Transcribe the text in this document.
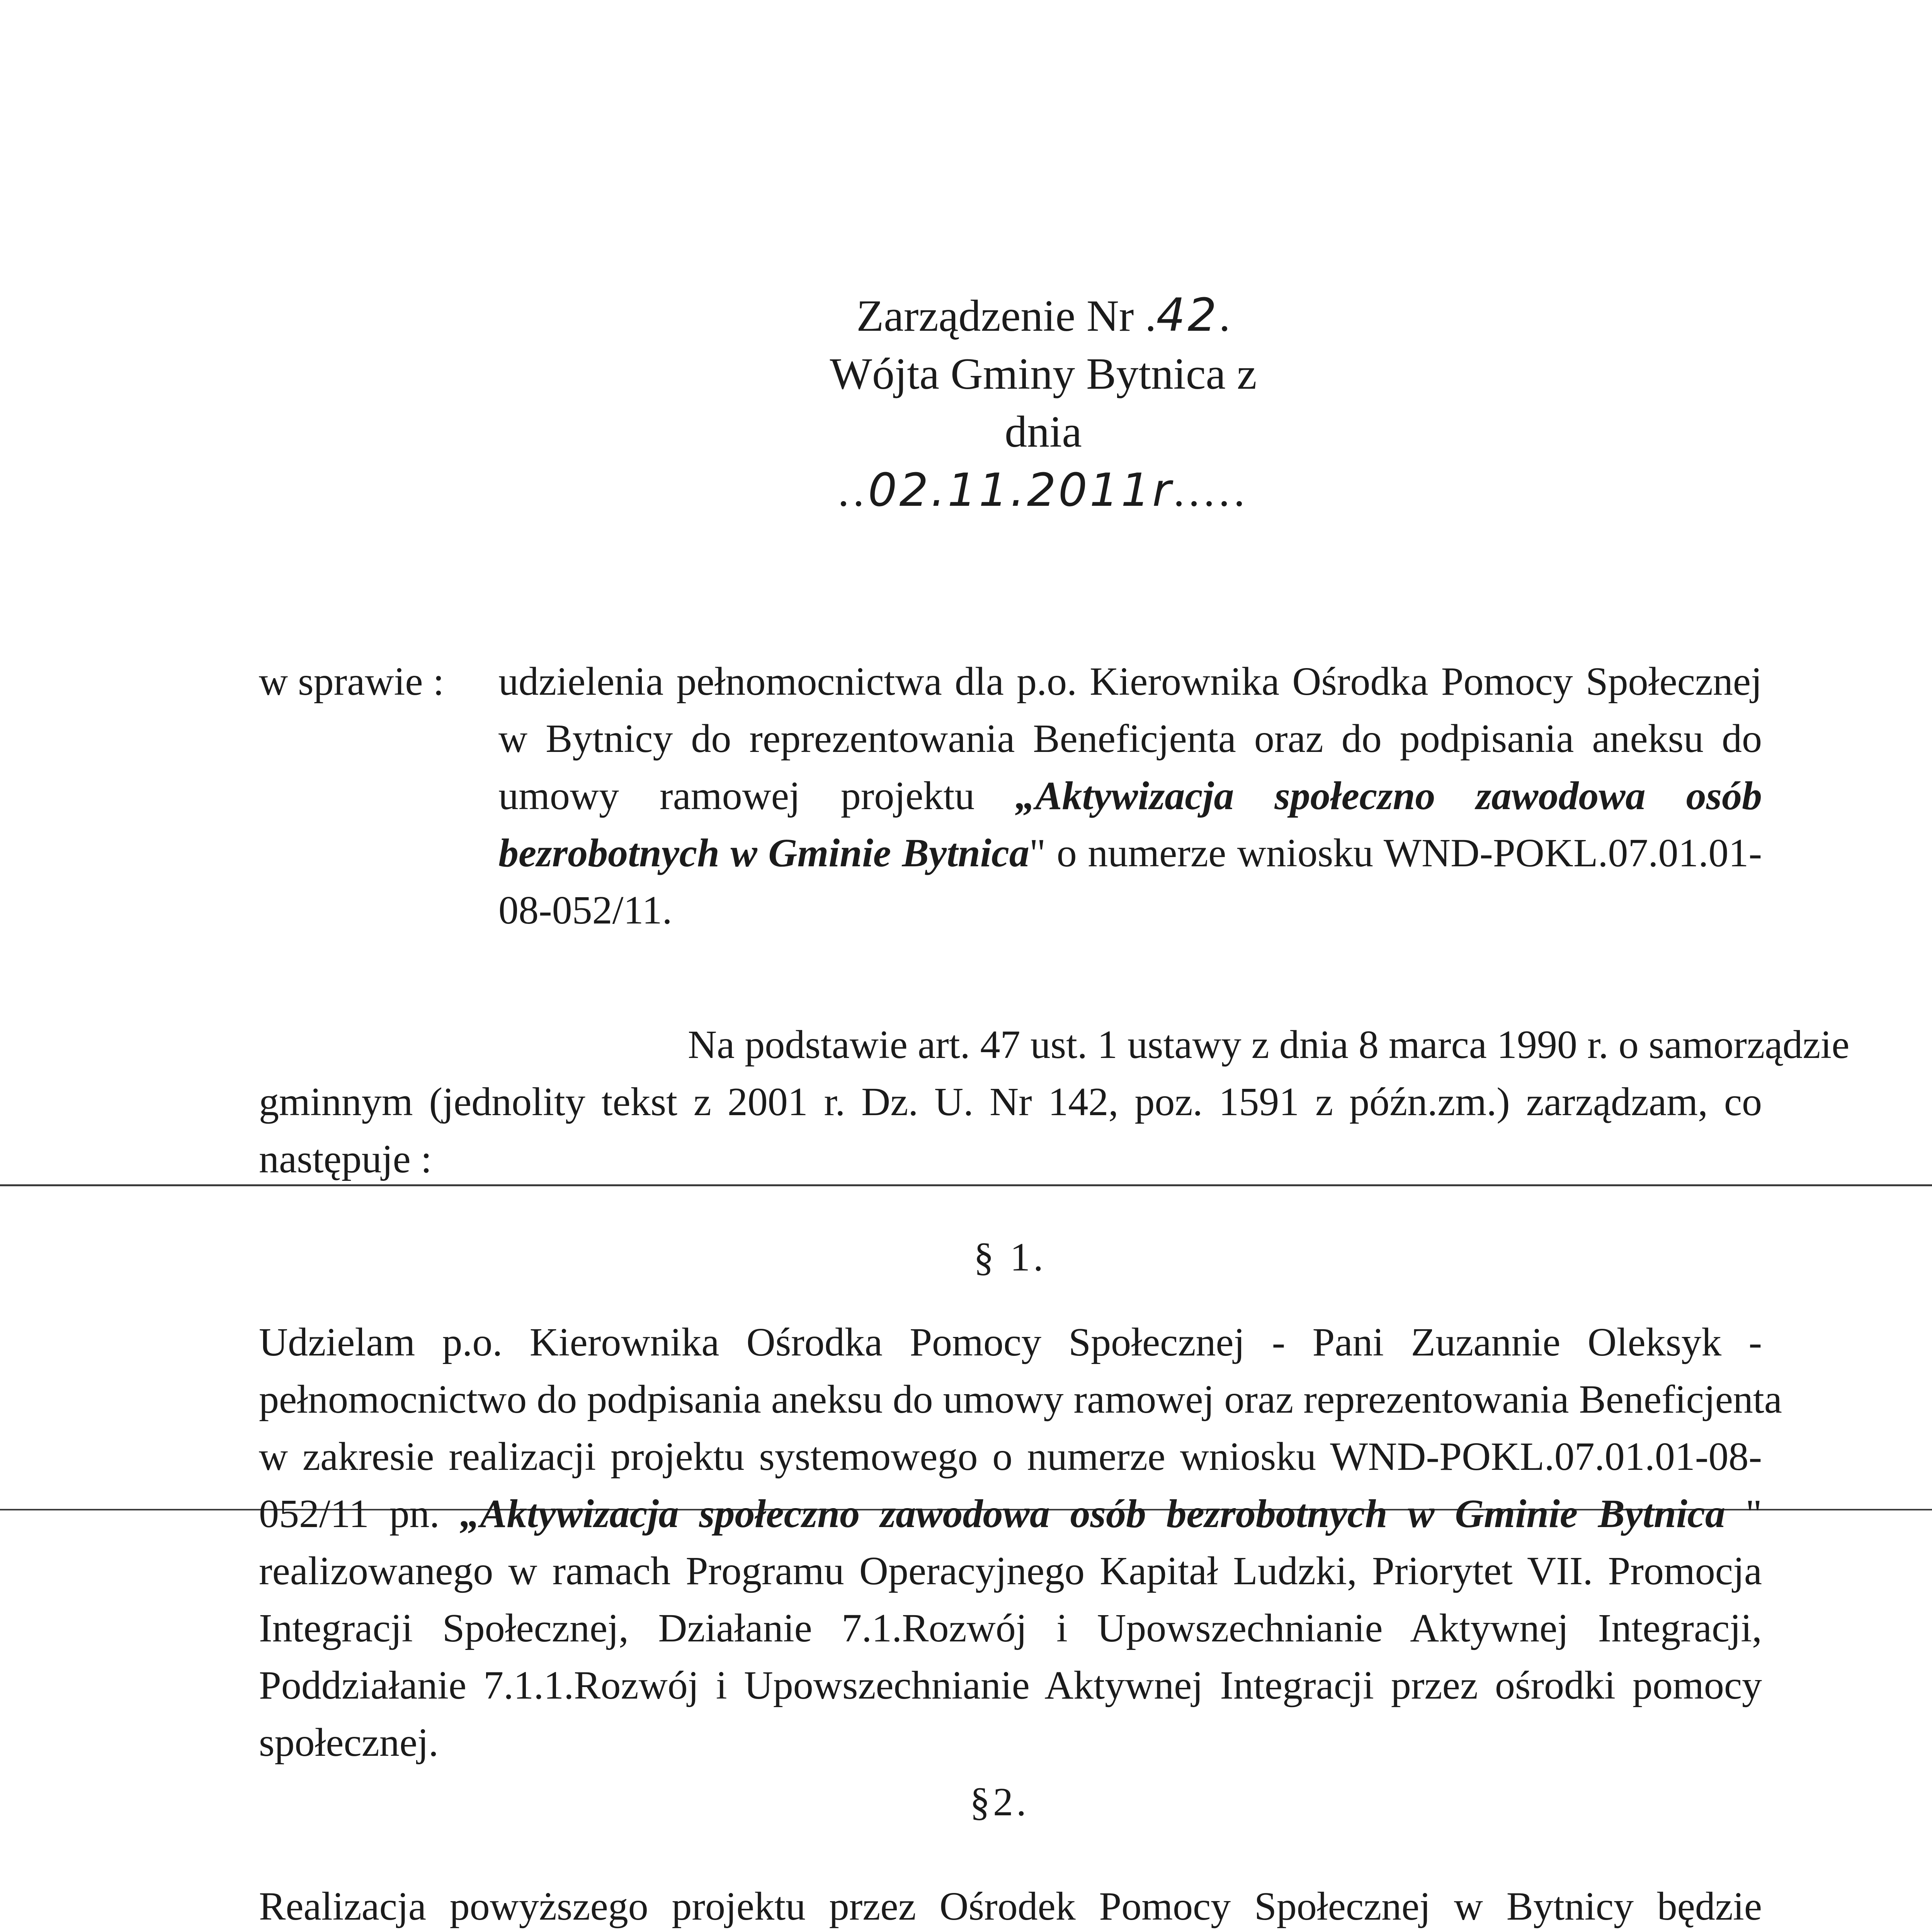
Zarządzenie Nr .42.
Wójta Gminy Bytnica z
dnia
..02.11.2011r.....
w sprawie : udzielenia pełnomocnictwa dla p.o. Kierownika Ośrodka Pomocy Społecznej
w Bytnicy do reprezentowania Beneficjenta oraz do podpisania aneksu do
umowy ramowej projektu „Aktywizacja społeczno zawodowa osób
bezrobotnych w Gminie Bytnica" o numerze wniosku WND-POKL.07.01.01-
08-052/11.
Na podstawie art. 47 ust. 1 ustawy z dnia 8 marca 1990 r. o samorządzie
gminnym (jednolity tekst z 2001 r. Dz. U. Nr 142, poz. 1591 z późn.zm.) zarządzam, co
następuje :
§ 1.
Udzielam p.o. Kierownika Ośrodka Pomocy Społecznej - Pani Zuzannie Oleksyk -
pełnomocnictwo do podpisania aneksu do umowy ramowej oraz reprezentowania Beneficjenta
w zakresie realizacji projektu systemowego o numerze wniosku WND-POKL.07.01.01-08-
052/11 pn. „Aktywizacja społeczno zawodowa osób bezrobotnych w Gminie Bytnica "
realizowanego w ramach Programu Operacyjnego Kapitał Ludzki, Priorytet VII. Promocja
Integracji Społecznej, Działanie 7.1.Rozwój i Upowszechnianie Aktywnej Integracji,
Poddziałanie 7.1.1.Rozwój i Upowszechnianie Aktywnej Integracji przez ośrodki pomocy
społecznej.
§2.
Realizacja powyższego projektu przez Ośrodek Pomocy Społecznej w Bytnicy będzie
